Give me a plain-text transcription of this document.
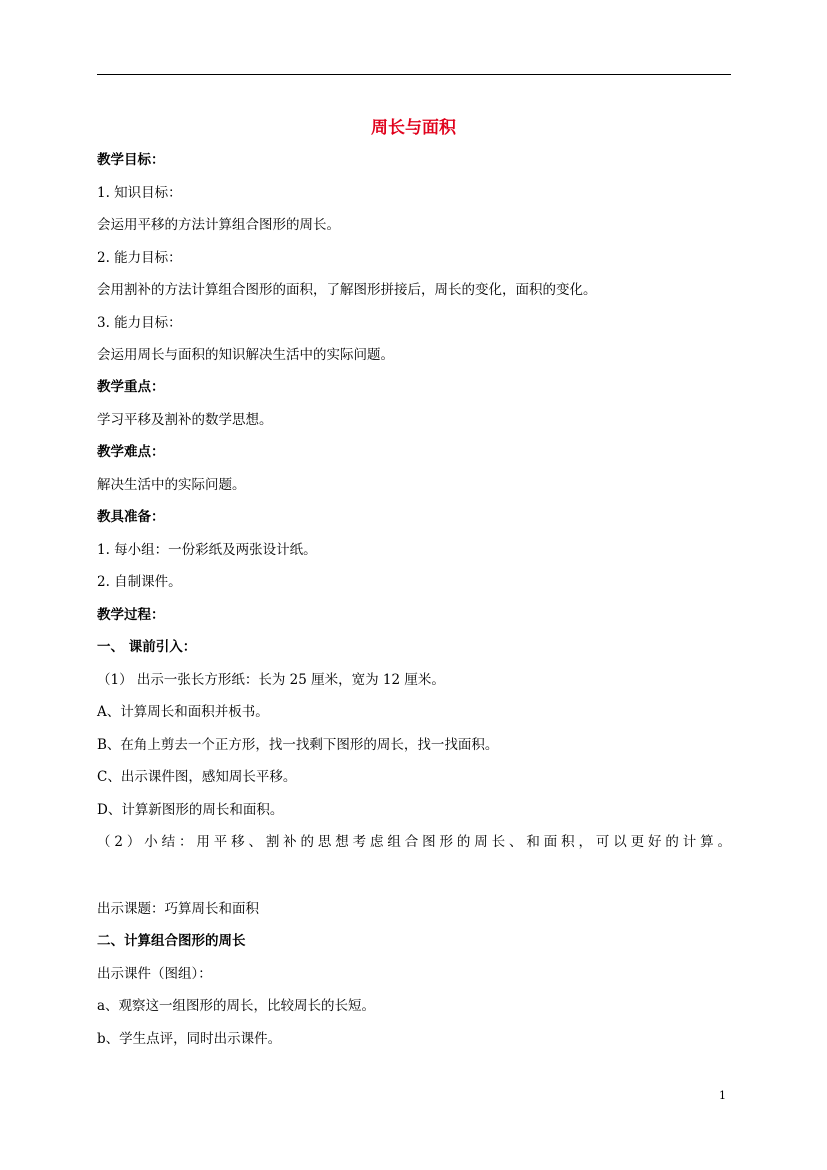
周长与面积
教学目标：
1. 知识目标：
会运用平移的方法计算组合图形的周长。
2. 能力目标：
会用割补的方法计算组合图形的面积，了解图形拼接后，周长的变化，面积的变化。
3. 能力目标：
会运用周长与面积的知识解决生活中的实际问题。
教学重点：
学习平移及割补的数学思想。
教学难点：
解决生活中的实际问题。
教具准备：
1. 每小组：一份彩纸及两张设计纸。
2. 自制课件。
教学过程：
一、 课前引入：
（1） 出示一张长方形纸：长为 25 厘米，宽为 12 厘米。
A、计算周长和面积并板书。
B、在角上剪去一个正方形，找一找剩下图形的周长，找一找面积。
C、出示课件图，感知周长平移。
D、计算新图形的周长和面积。
（2）小结：用平移、割补的思想考虑组合图形的周长、和面积，可以更好的计算。
出示课题：巧算周长和面积
二、计算组合图形的周长
出示课件（图组）：
a、观察这一组图形的周长，比较周长的长短。
b、学生点评，同时出示课件。
1
